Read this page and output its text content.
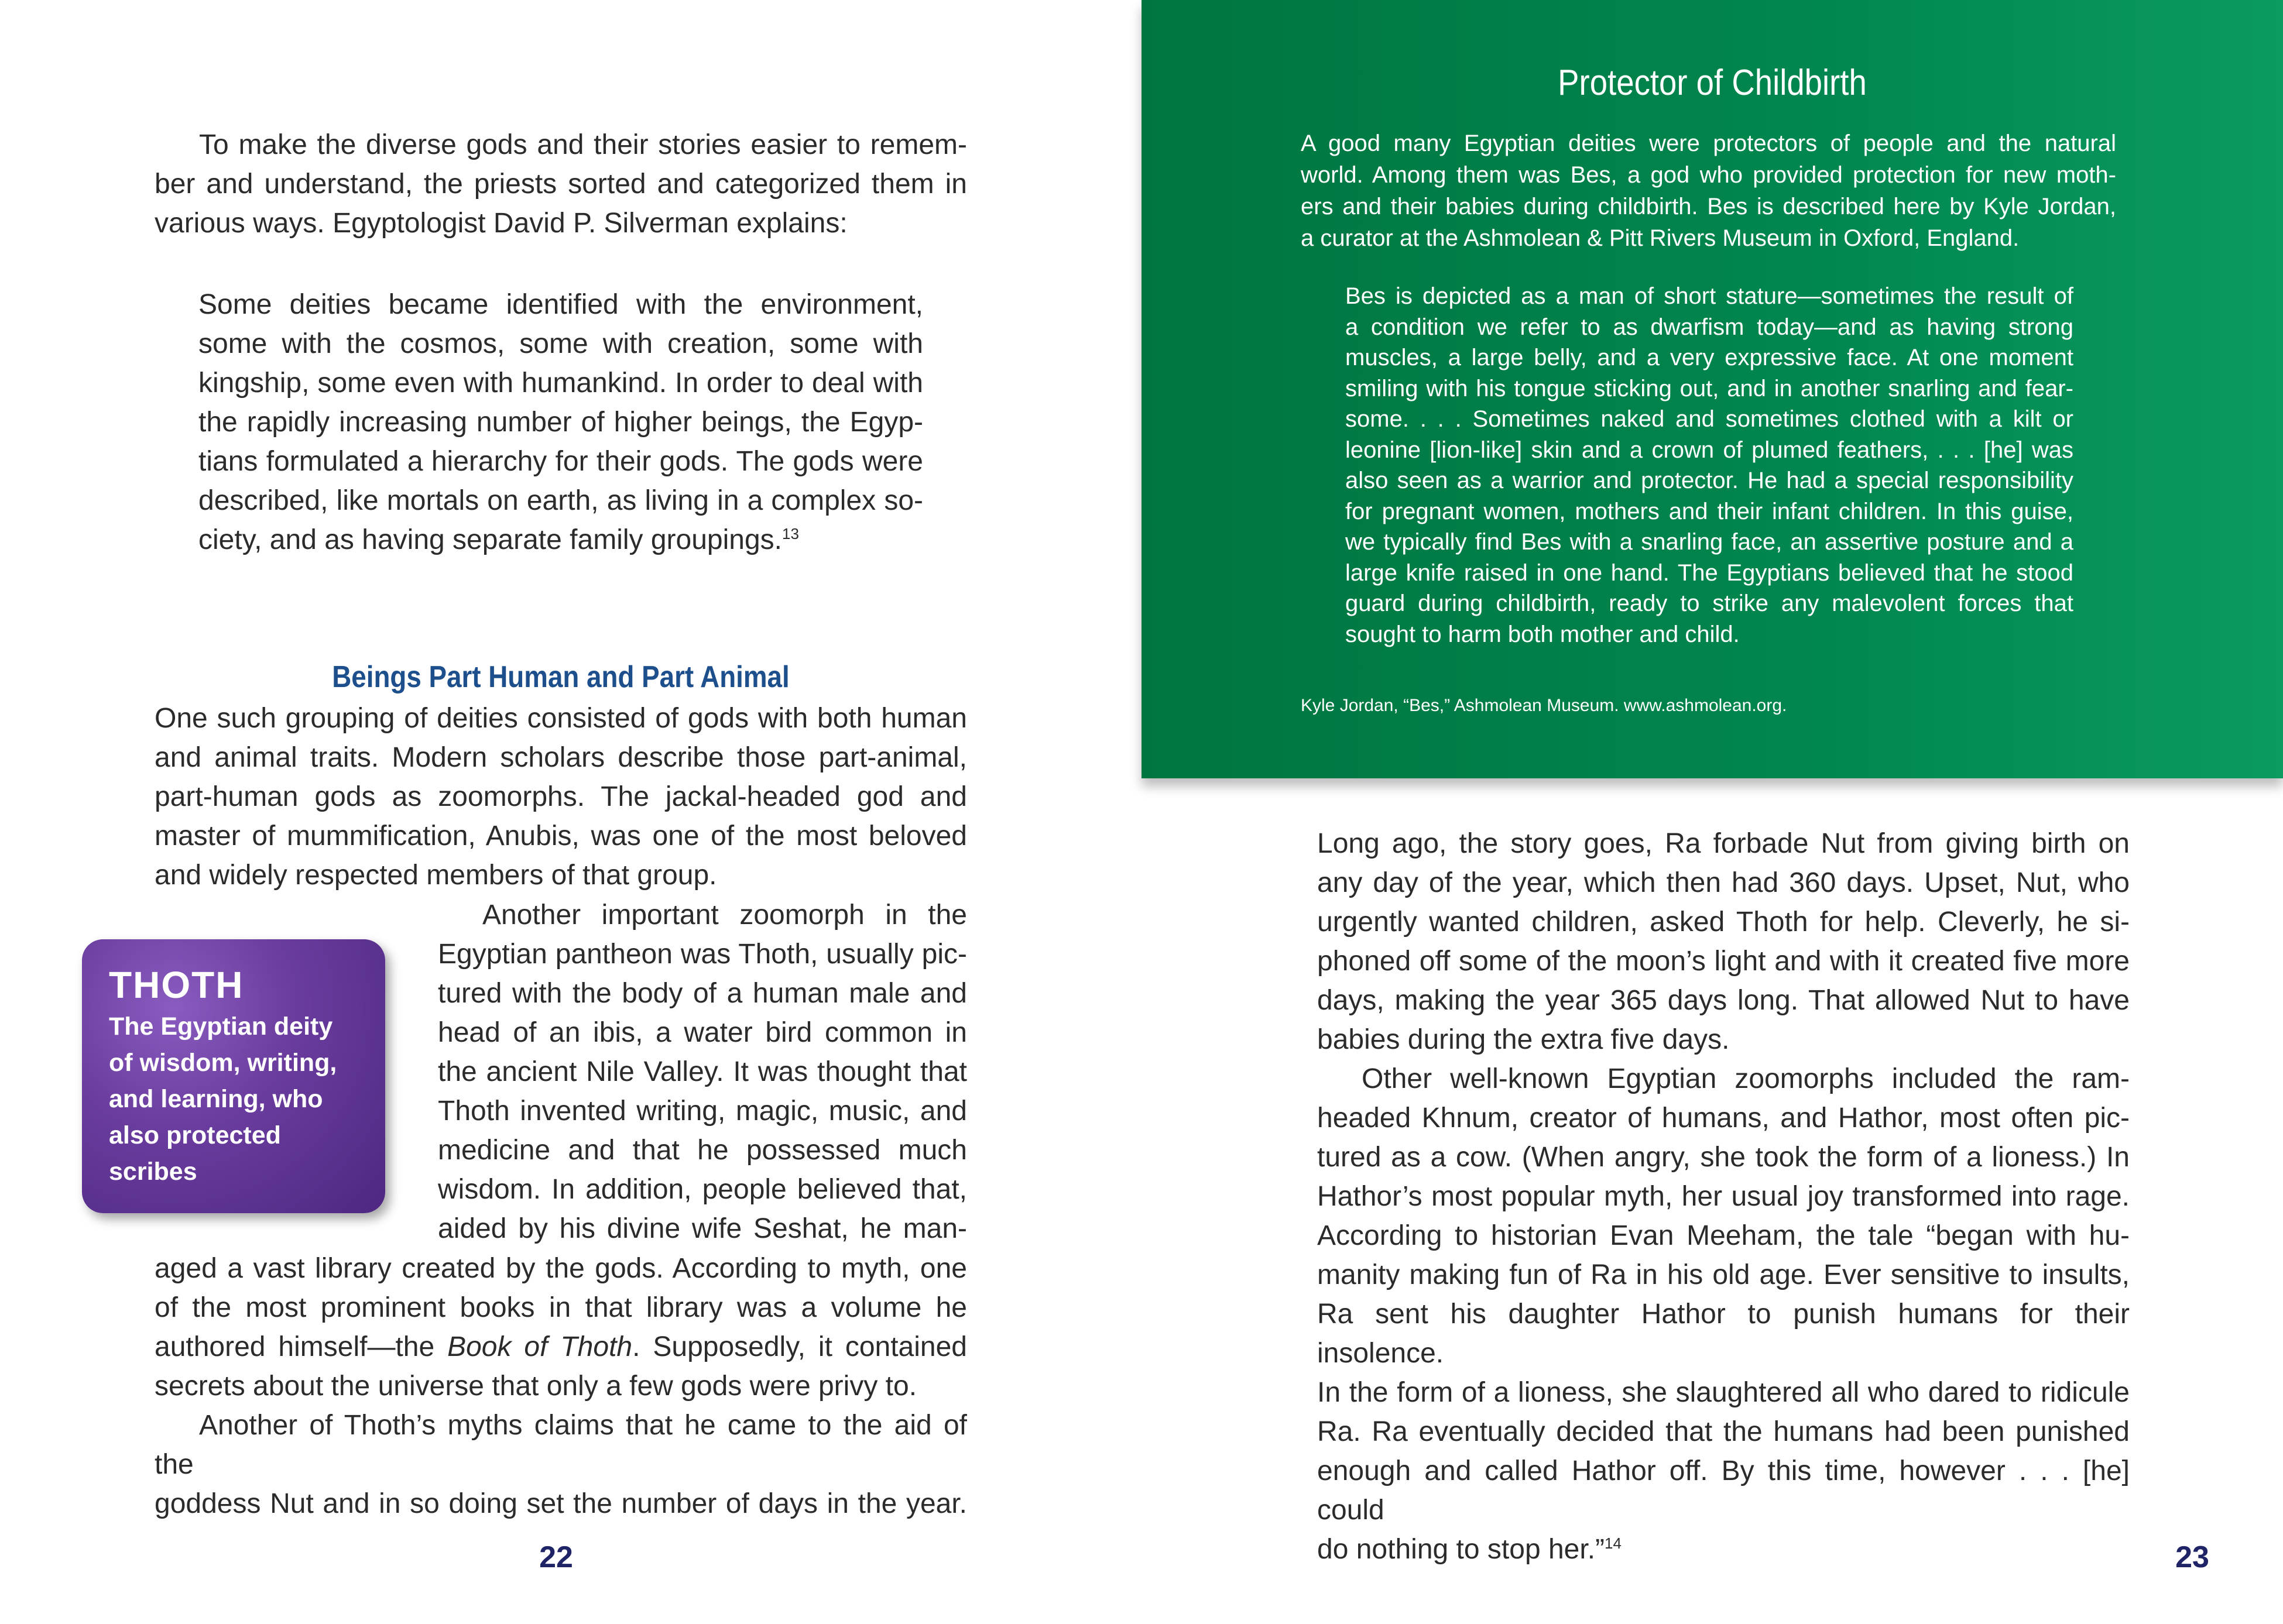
To make the diverse gods and their stories easier to remem-

ber and understand, the priests sorted and categorized them in

various ways. Egyptologist David P. Silverman explains:

Some deities became identified with the environment,

some with the cosmos, some with creation, some with

kingship, some even with humankind. In order to deal with

the rapidly increasing number of higher beings, the Egyp-

tians formulated a hierarchy for their gods. The gods were

described, like mortals on earth, as living in a complex so-

ciety, and as having separate family groupings.$^{13}$

Beings Part Human and Part Animal

One such grouping of deities consisted of gods with both human

and animal traits. Modern scholars describe those part-animal,

part-human gods as zoomorphs. The jackal-headed god and

master of mummification, Anubis, was one of the most beloved

and widely respected members of that group.

Another important zoomorph in the

Egyptian pantheon was Thoth, usually pic-

tured with the body of a human male and

head of an ibis, a water bird common in

the ancient Nile Valley. It was thought that

Thoth invented writing, magic, music, and

medicine and that he possessed much

wisdom. In addition, people believed that,

aided by his divine wife Seshat, he man-

aged a vast library created by the gods. According to myth, one

of the most prominent books in that library was a volume he

authored himself—the Book of Thoth. Supposedly, it contained

secrets about the universe that only a few gods were privy to.

Another of Thoth’s myths claims that he came to the aid of the

goddess Nut and in so doing set the number of days in the year.

THOTH
The Egyptian deity
of wisdom, writing,
and learning, who
also protected
scribes
22
Protector of Childbirth

A good many Egyptian deities were protectors of people and the natural

world. Among them was Bes, a god who provided protection for new moth-

ers and their babies during childbirth. Bes is described here by Kyle Jordan,

a curator at the Ashmolean & Pitt Rivers Museum in Oxford, England.

Bes is depicted as a man of short stature—sometimes the result of

a condition we refer to as dwarfism today—and as having strong

muscles, a large belly, and a very expressive face. At one moment

smiling with his tongue sticking out, and in another snarling and fear-

some. . . . Sometimes naked and sometimes clothed with a kilt or

leonine [lion-like] skin and a crown of plumed feathers, . . . [he] was

also seen as a warrior and protector. He had a special responsibility

for pregnant women, mothers and their infant children. In this guise,

we typically find Bes with a snarling face, an assertive posture and a

large knife raised in one hand. The Egyptians believed that he stood

guard during childbirth, ready to strike any malevolent forces that

sought to harm both mother and child.

Kyle Jordan, “Bes,” Ashmolean Museum. www.ashmolean.org.

Long ago, the story goes, Ra forbade Nut from giving birth on

any day of the year, which then had 360 days. Upset, Nut, who

urgently wanted children, asked Thoth for help. Cleverly, he si-

phoned off some of the moon’s light and with it created five more

days, making the year 365 days long. That allowed Nut to have

babies during the extra five days.

Other well-known Egyptian zoomorphs included the ram-

headed Khnum, creator of humans, and Hathor, most often pic-

tured as a cow. (When angry, she took the form of a lioness.) In

Hathor’s most popular myth, her usual joy transformed into rage.

According to historian Evan Meeham, the tale “began with hu-

manity making fun of Ra in his old age. Ever sensitive to insults,

Ra sent his daughter Hathor to punish humans for their insolence.

In the form of a lioness, she slaughtered all who dared to ridicule

Ra. Ra eventually decided that the humans had been punished

enough and called Hathor off. By this time, however . . . [he] could

do nothing to stop her.”$^{14}$	23
